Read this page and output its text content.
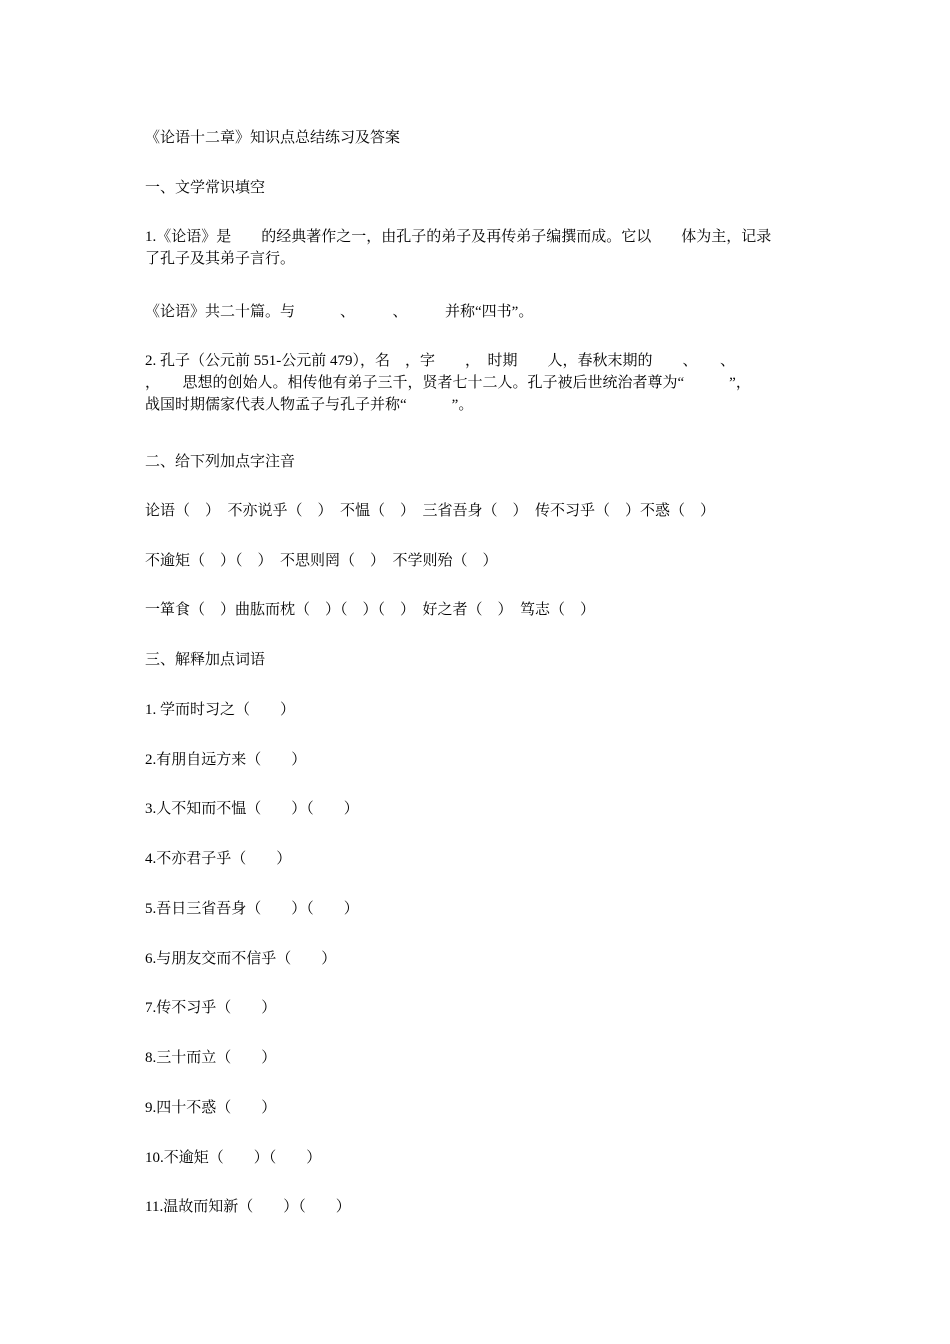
《论语十二章》知识点总结练习及答案
一、文学常识填空
1.《论语》是　　的经典著作之一，由孔子的弟子及再传弟子编撰而成。它以　　体为主，记录
了孔子及其弟子言行。
《论语》共二十篇。与　　　、　　　、　　　并称“四书”。
2. 孔子（公元前 551-公元前 479），名　，字　　，　时期　　人，春秋末期的　　、　　、
，　　思想的创始人。相传他有弟子三千，贤者七十二人。孔子被后世统治者尊为“　　　”，
战国时期儒家代表人物孟子与孔子并称“　　　”。
二、给下列加点字注音
论语（　）　不亦说乎（　）　不愠（　）　三省吾身（　）　传不习乎（　）不惑（　）
不逾矩（　）（　）　不思则罔（　）　不学则殆（　）
一箪食（　）曲肱而枕（　）（　）（　）　好之者（　）　笃志（　）
三、解释加点词语
1. 学而时习之（　　）
2.有朋自远方来（　　）
3.人不知而不愠（　　）（　　）
4.不亦君子乎（　　）
5.吾日三省吾身（　　）（　　）
6.与朋友交而不信乎（　　）
7.传不习乎（　　）
8.三十而立（　　）
9.四十不惑（　　）
10.不逾矩（　　）（　　）
11.温故而知新（　　）（　　）
